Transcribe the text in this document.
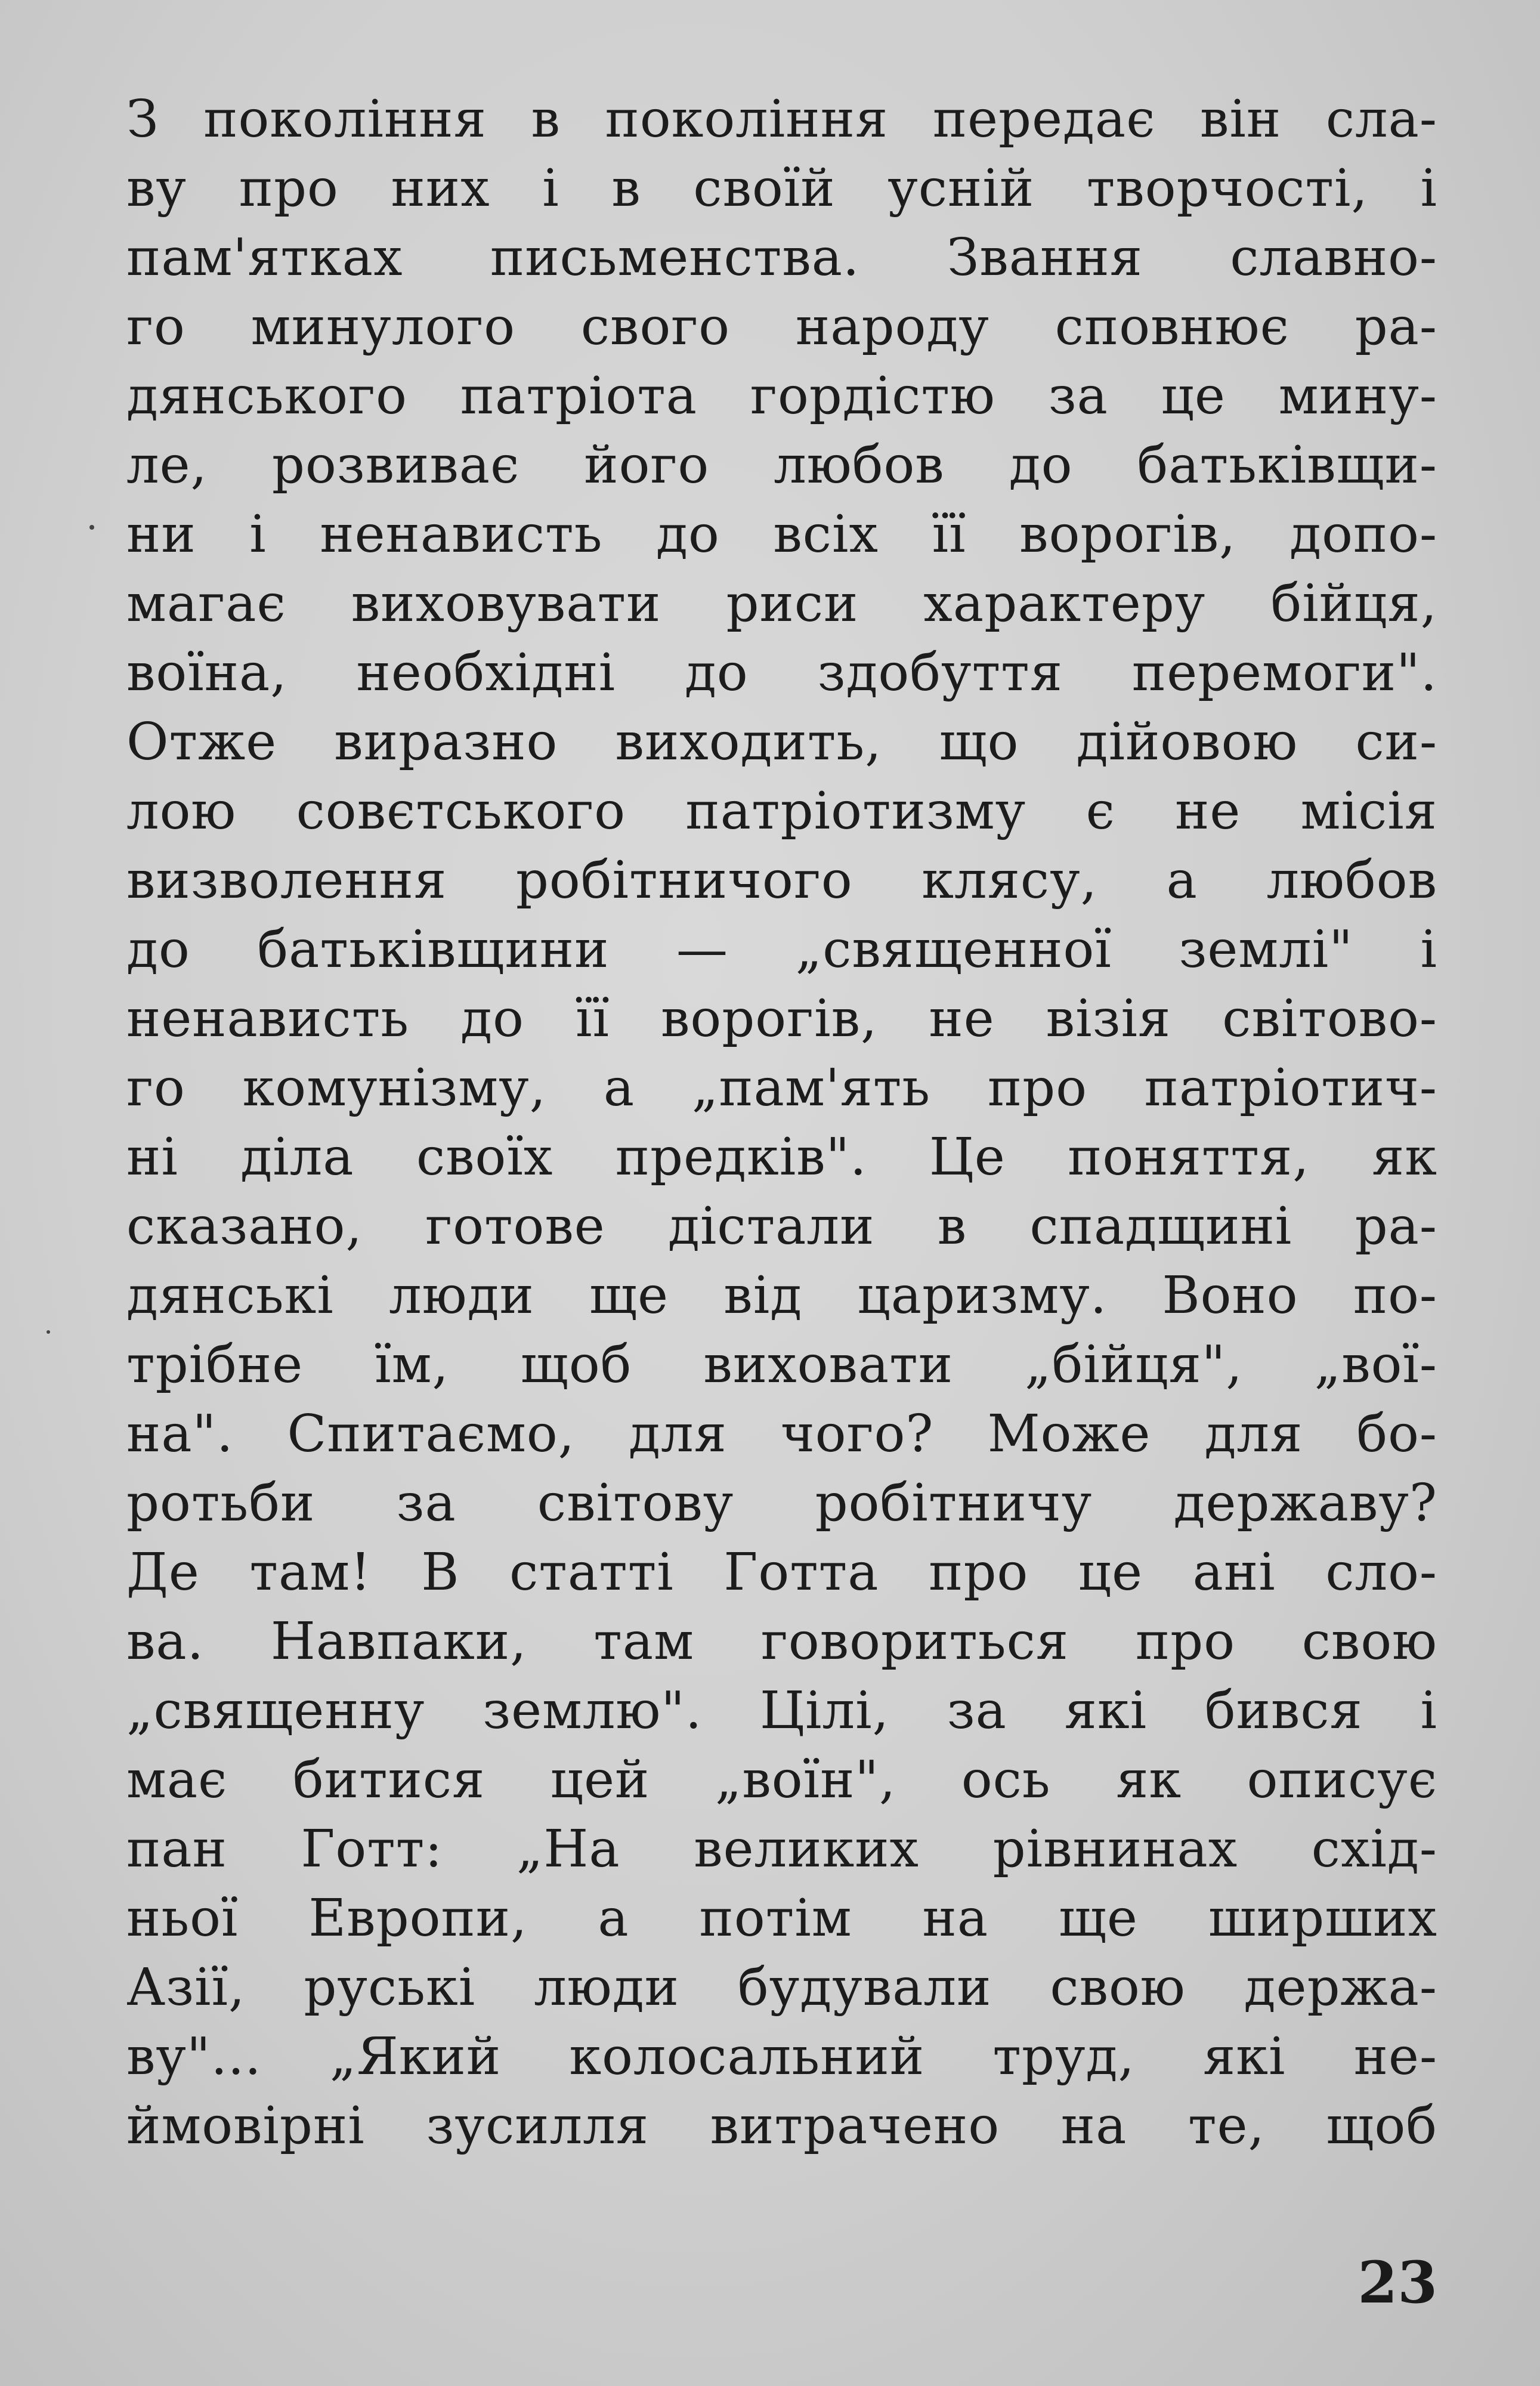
З покоління в покоління передає він сла-
ву про них і в своїй усній творчості, і
пам'ятках письменства. Звання славно-
го минулого свого народу сповнює ра-
дянського патріота гордістю за це мину-
ле, розвиває його любов до батьківщи-
ни і ненависть до всіх її ворогів, допо-
магає виховувати риси характеру бійця,
воїна, необхідні до здобуття перемоги".
Отже виразно виходить, що дійовою си-
лою совєтського патріотизму є не місія
визволення робітничого клясу, а любов
до батьківщини — „священної землі" і
ненависть до її ворогів, не візія світово-
го комунізму, а „пам'ять про патріотич-
ні діла своїх предків". Це поняття, як
сказано, готове дістали в спадщині ра-
дянські люди ще від царизму. Воно по-
трібне їм, щоб виховати „бійця", „вої-
на". Спитаємо, для чого? Може для бо-
ротьби за світову робітничу державу?
Де там! В статті Готта про це ані сло-
ва. Навпаки, там говориться про свою
„священну землю". Цілі, за які бився і
має битися цей „воїн", ось як описує
пан Готт: „На великих рівнинах схід-
ньої Европи, а потім на ще ширших
Азії, руські люди будували свою держа-
ву"... „Який колосальний труд, які не-
ймовірні зусилля витрачено на те, щоб
23
